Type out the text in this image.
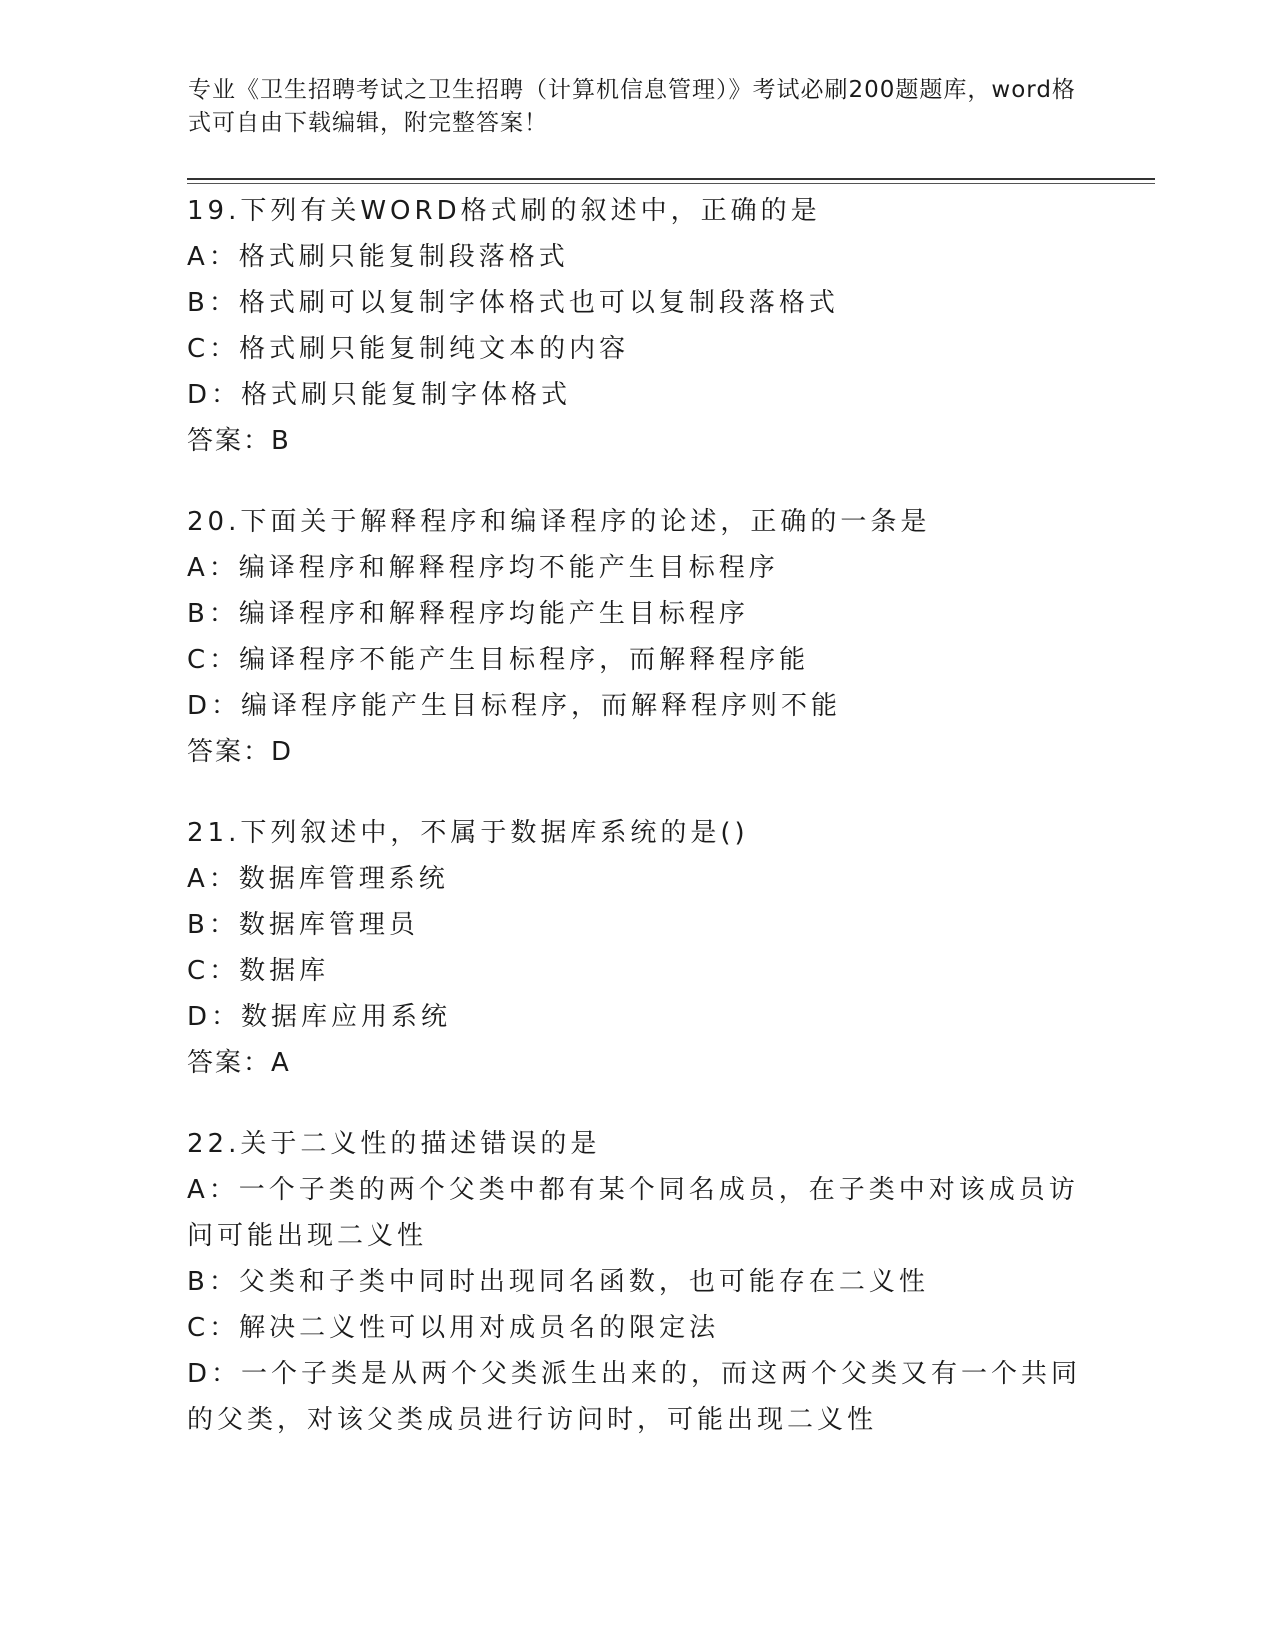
专业《卫生招聘考试之卫生招聘（计算机信息管理）》考试必刷200题题库，word格式可自由下载编辑，附完整答案！
19.下列有关WORD格式刷的叙述中，正确的是
A：格式刷只能复制段落格式
B：格式刷可以复制字体格式也可以复制段落格式
C：格式刷只能复制纯文本的内容
D：格式刷只能复制字体格式
答案：B
20.下面关于解释程序和编译程序的论述，正确的一条是
A：编译程序和解释程序均不能产生目标程序
B：编译程序和解释程序均能产生目标程序
C：编译程序不能产生目标程序，而解释程序能
D：编译程序能产生目标程序，而解释程序则不能
答案：D
21.下列叙述中，不属于数据库系统的是()
A：数据库管理系统
B：数据库管理员
C：数据库
D：数据库应用系统
答案：A
22.关于二义性的描述错误的是
A：一个子类的两个父类中都有某个同名成员，在子类中对该成员访问可能出现二义性
B：父类和子类中同时出现同名函数，也可能存在二义性
C：解决二义性可以用对成员名的限定法
D：一个子类是从两个父类派生出来的，而这两个父类又有一个共同的父类，对该父类成员进行访问时，可能出现二义性
